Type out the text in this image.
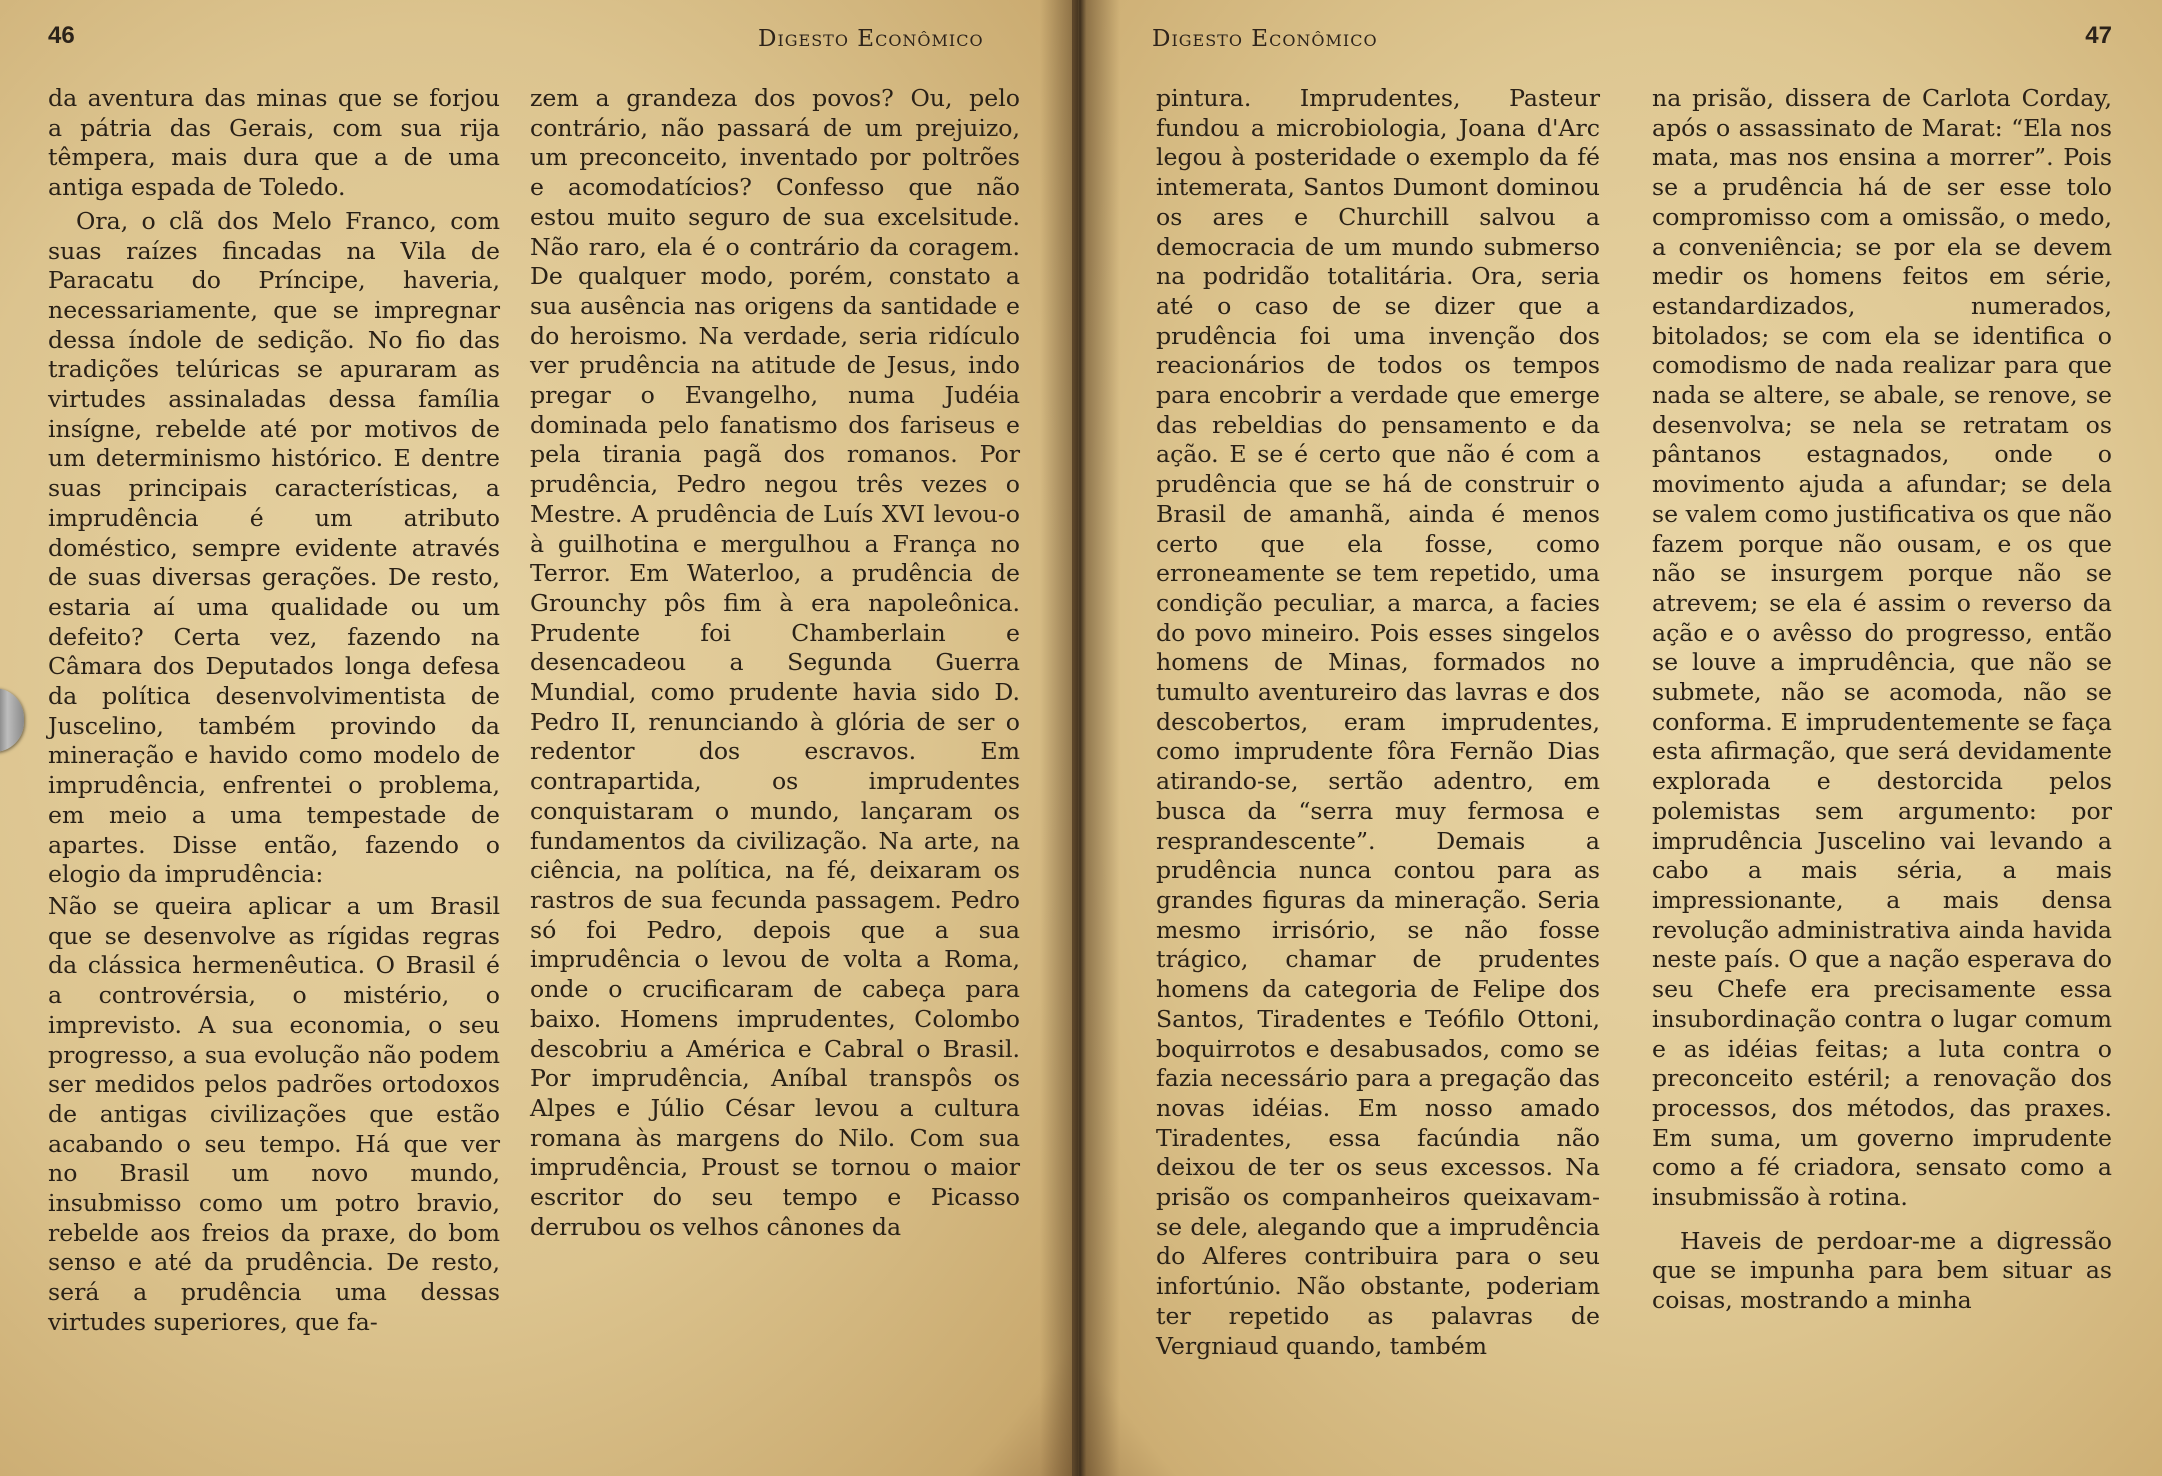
46	Digesto Econômico

da aventura das minas que se forjou a pátria das Gerais, com sua rija têmpera, mais dura que a de uma antiga espada de Toledo.

Ora, o clã dos Melo Franco, com suas raízes fincadas na Vila de Paracatu do Príncipe, haveria, necessariamente, que se impregnar dessa índole de sedição. No fio das tradições telúricas se apuraram as virtudes assinaladas dessa família insígne, rebelde até por motivos de um determinismo histórico. E dentre suas principais características, a imprudência é um atributo doméstico, sempre evidente através de suas diversas gerações. De resto, estaria aí uma qualidade ou um defeito? Certa vez, fazendo na Câmara dos Deputados longa defesa da política desenvolvimentista de Juscelino, também provindo da mineração e havido como modelo de imprudência, enfrentei o problema, em meio a uma tempestade de apartes. Disse então, fazendo o elogio da imprudência:

Não se queira aplicar a um Brasil que se desenvolve as rígidas regras da clássica hermenêutica. O Brasil é a controvérsia, o mistério, o imprevisto. A sua economia, o seu progresso, a sua evolução não podem ser medidos pelos padrões ortodoxos de antigas civilizações que estão acabando o seu tempo. Há que ver no Brasil um novo mundo, insubmisso como um potro bravio, rebelde aos freios da praxe, do bom senso e até da prudência. De resto, será a prudência uma dessas virtudes superiores, que fa-

zem a grandeza dos povos? Ou, pelo contrário, não passará de um prejuizo, um preconceito, inventado por poltrões e acomodatícios? Confesso que não estou muito seguro de sua excelsitude. Não raro, ela é o contrário da coragem. De qualquer modo, porém, constato a sua ausência nas origens da santidade e do heroismo. Na verdade, seria ridículo ver prudência na atitude de Jesus, indo pregar o Evangelho, numa Judéia dominada pelo fanatismo dos fariseus e pela tirania pagã dos romanos. Por prudência, Pedro negou três vezes o Mestre. A prudência de Luís XVI levou-o à guilhotina e mergulhou a França no Terror. Em Waterloo, a prudência de Grounchy pôs fim à era napoleônica. Prudente foi Chamberlain e desencadeou a Segunda Guerra Mundial, como prudente havia sido D. Pedro II, renunciando à glória de ser o redentor dos escravos. Em contrapartida, os imprudentes conquistaram o mundo, lançaram os fundamentos da civilização. Na arte, na ciência, na política, na fé, deixaram os rastros de sua fecunda passagem. Pedro só foi Pedro, depois que a sua imprudência o levou de volta a Roma, onde o crucificaram de cabeça para baixo. Homens imprudentes, Colombo descobriu a América e Cabral o Brasil. Por imprudência, Aníbal transpôs os Alpes e Júlio César levou a cultura romana às margens do Nilo. Com sua imprudência, Proust se tornou o maior escritor do seu tempo e Picasso derrubou os velhos cânones da

Digesto Econômico	47

pintura. Imprudentes, Pasteur fundou a microbiologia, Joana d'Arc legou à posteridade o exemplo da fé intemerata, Santos Dumont dominou os ares e Churchill salvou a democracia de um mundo submerso na podridão totalitária. Ora, seria até o caso de se dizer que a prudência foi uma invenção dos reacionários de todos os tempos para encobrir a verdade que emerge das rebeldias do pensamento e da ação. E se é certo que não é com a prudência que se há de construir o Brasil de amanhã, ainda é menos certo que ela fosse, como erroneamente se tem repetido, uma condição peculiar, a marca, a facies do povo mineiro. Pois esses singelos homens de Minas, formados no tumulto aventureiro das lavras e dos descobertos, eram imprudentes, como imprudente fôra Fernão Dias atirando-se, sertão adentro, em busca da “serra muy fermosa e resprandescente”. Demais a prudência nunca contou para as grandes figuras da mineração. Seria mesmo irrisório, se não fosse trágico, chamar de prudentes homens da categoria de Felipe dos Santos, Tiradentes e Teófilo Ottoni, boquirrotos e desabusados, como se fazia necessário para a pregação das novas idéias. Em nosso amado Tiradentes, essa facúndia não deixou de ter os seus excessos. Na prisão os companheiros queixavam-se dele, alegando que a imprudência do Alferes contribuira para o seu infortúnio. Não obstante, poderiam ter repetido as palavras de Vergniaud quando, também

na prisão, dissera de Carlota Corday, após o assassinato de Marat: “Ela nos mata, mas nos ensina a morrer”. Pois se a prudência há de ser esse tolo compromisso com a omissão, o medo, a conveniência; se por ela se devem medir os homens feitos em série, estandardizados, numerados, bitolados; se com ela se identifica o comodismo de nada realizar para que nada se altere, se abale, se renove, se desenvolva; se nela se retratam os pântanos estagnados, onde o movimento ajuda a afundar; se dela se valem como justificativa os que não fazem porque não ousam, e os que não se insurgem porque não se atrevem; se ela é assim o reverso da ação e o avêsso do progresso, então se louve a imprudência, que não se submete, não se acomoda, não se conforma. E imprudentemente se faça esta afirmação, que será devidamente explorada e destorcida pelos polemistas sem argumento: por imprudência Juscelino vai levando a cabo a mais séria, a mais impressionante, a mais densa revolução administrativa ainda havida neste país. O que a nação esperava do seu Chefe era precisamente essa insubordinação contra o lugar comum e as idéias feitas; a luta contra o preconceito estéril; a renovação dos processos, dos métodos, das praxes. Em suma, um governo imprudente como a fé criadora, sensato como a insubmissão à rotina.

Haveis de perdoar-me a digressão que se impunha para bem situar as coisas, mostrando a minha
